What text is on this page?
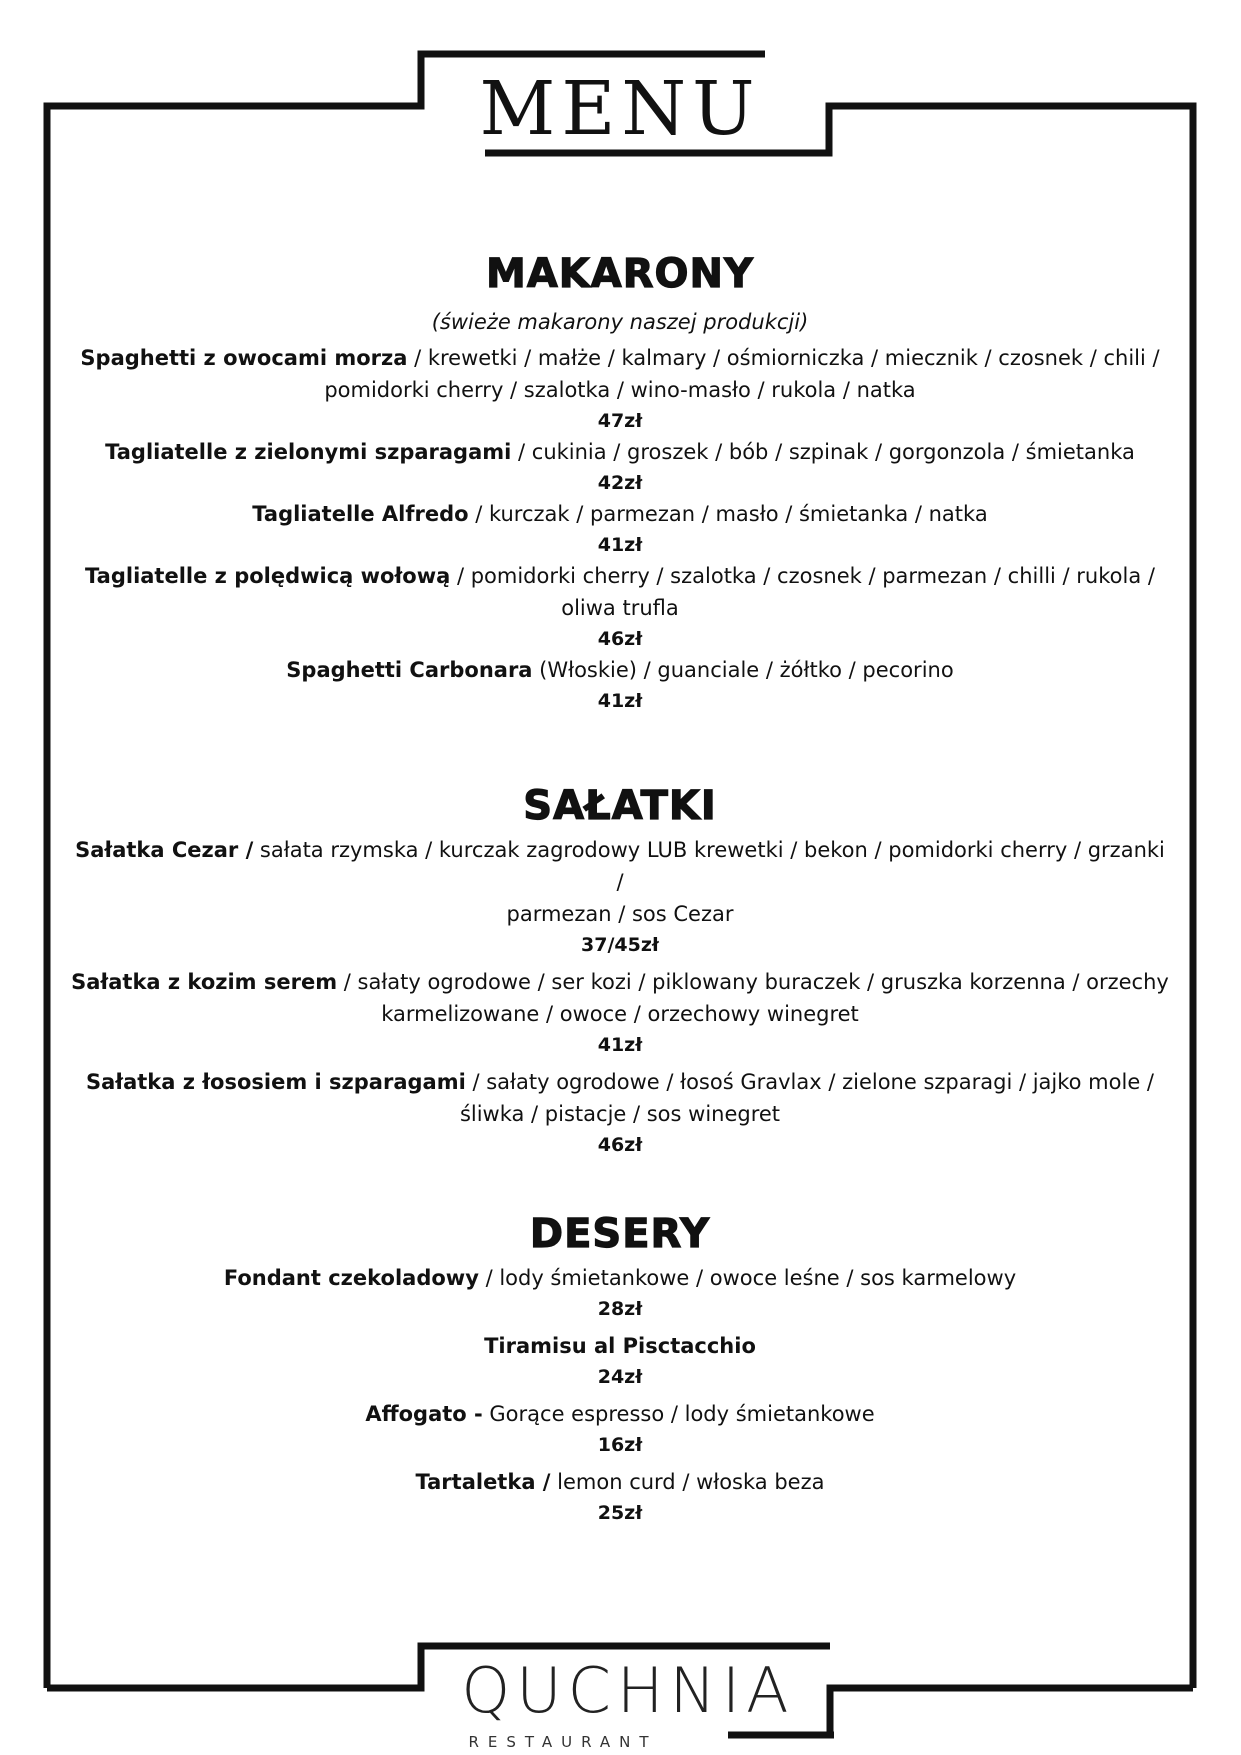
MENU
MAKARONY
(świeże makarony naszej produkcji)
Spaghetti z owocami morza / krewetki / małże / kalmary / ośmiorniczka / miecznik / czosnek / chili /
pomidorki cherry / szalotka / wino-masło / rukola / natka
47zł
Tagliatelle z zielonymi szparagami / cukinia / groszek / bób / szpinak / gorgonzola / śmietanka
42zł
Tagliatelle Alfredo / kurczak / parmezan / masło / śmietanka / natka
41zł
Tagliatelle z polędwicą wołową / pomidorki cherry / szalotka / czosnek / parmezan / chilli / rukola /
oliwa trufla
46zł
Spaghetti Carbonara (Włoskie) / guanciale / żółtko / pecorino
41zł
SAŁATKI
Sałatka Cezar / sałata rzymska / kurczak zagrodowy LUB krewetki / bekon / pomidorki cherry / grzanki /
parmezan / sos Cezar
37/45zł
Sałatka z kozim serem / sałaty ogrodowe / ser kozi / piklowany buraczek / gruszka korzenna / orzechy
karmelizowane / owoce / orzechowy winegret
41zł
Sałatka z łososiem i szparagami / sałaty ogrodowe / łosoś Gravlax / zielone szparagi / jajko mole /
śliwka / pistacje / sos winegret
46zł
DESERY
Fondant czekoladowy / lody śmietankowe / owoce leśne / sos karmelowy
28zł
Tiramisu al Pisctacchio
24zł
Affogato - Gorące espresso / lody śmietankowe
16zł
Tartaletka / lemon curd / włoska beza
25zł
QUCHNIA
RESTAURANT
